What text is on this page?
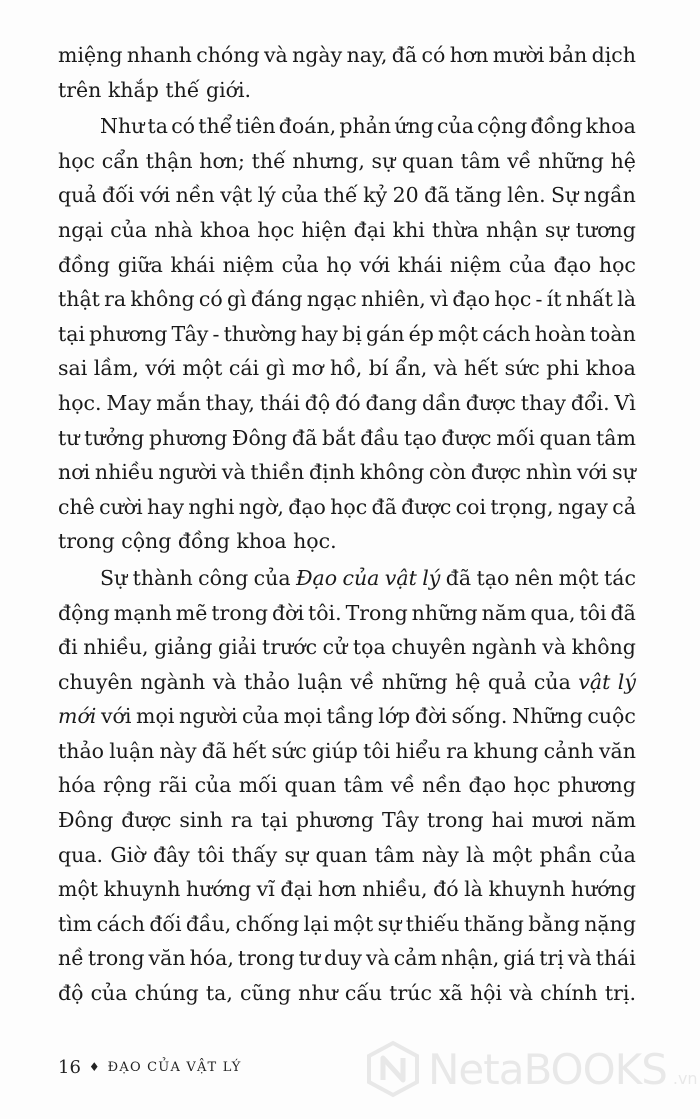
miệng nhanh chóng và ngày nay, đã có hơn mười bản dịch
trên khắp thế giới.
Như ta có thể tiên đoán, phản ứng của cộng đồng khoa
học cẩn thận hơn; thế nhưng, sự quan tâm về những hệ
quả đối với nền vật lý của thế kỷ 20 đã tăng lên. Sự ngần
ngại của nhà khoa học hiện đại khi thừa nhận sự tương
đồng giữa khái niệm của họ với khái niệm của đạo học
thật ra không có gì đáng ngạc nhiên, vì đạo học - ít nhất là
tại phương Tây - thường hay bị gán ép một cách hoàn toàn
sai lầm, với một cái gì mơ hồ, bí ẩn, và hết sức phi khoa
học. May mắn thay, thái độ đó đang dần được thay đổi. Vì
tư tưởng phương Đông đã bắt đầu tạo được mối quan tâm
nơi nhiều người và thiền định không còn được nhìn với sự
chê cười hay nghi ngờ, đạo học đã được coi trọng, ngay cả
trong cộng đồng khoa học.
Sự thành công của Đạo của vật lý đã tạo nên một tác
động mạnh mẽ trong đời tôi. Trong những năm qua, tôi đã
đi nhiều, giảng giải trước cử tọa chuyên ngành và không
chuyên ngành và thảo luận về những hệ quả của vật lý
mới với mọi người của mọi tầng lớp đời sống. Những cuộc
thảo luận này đã hết sức giúp tôi hiểu ra khung cảnh văn
hóa rộng rãi của mối quan tâm về nền đạo học phương
Đông được sinh ra tại phương Tây trong hai mươi năm
qua. Giờ đây tôi thấy sự quan tâm này là một phần của
một khuynh hướng vĩ đại hơn nhiều, đó là khuynh hướng
tìm cách đối đầu, chống lại một sự thiếu thăng bằng nặng
nề trong văn hóa, trong tư duy và cảm nhận, giá trị và thái
độ của chúng ta, cũng như cấu trúc xã hội và chính trị.
16 ♦ ĐẠO CỦA VẬT LÝ	NetaBOOKS .vn
